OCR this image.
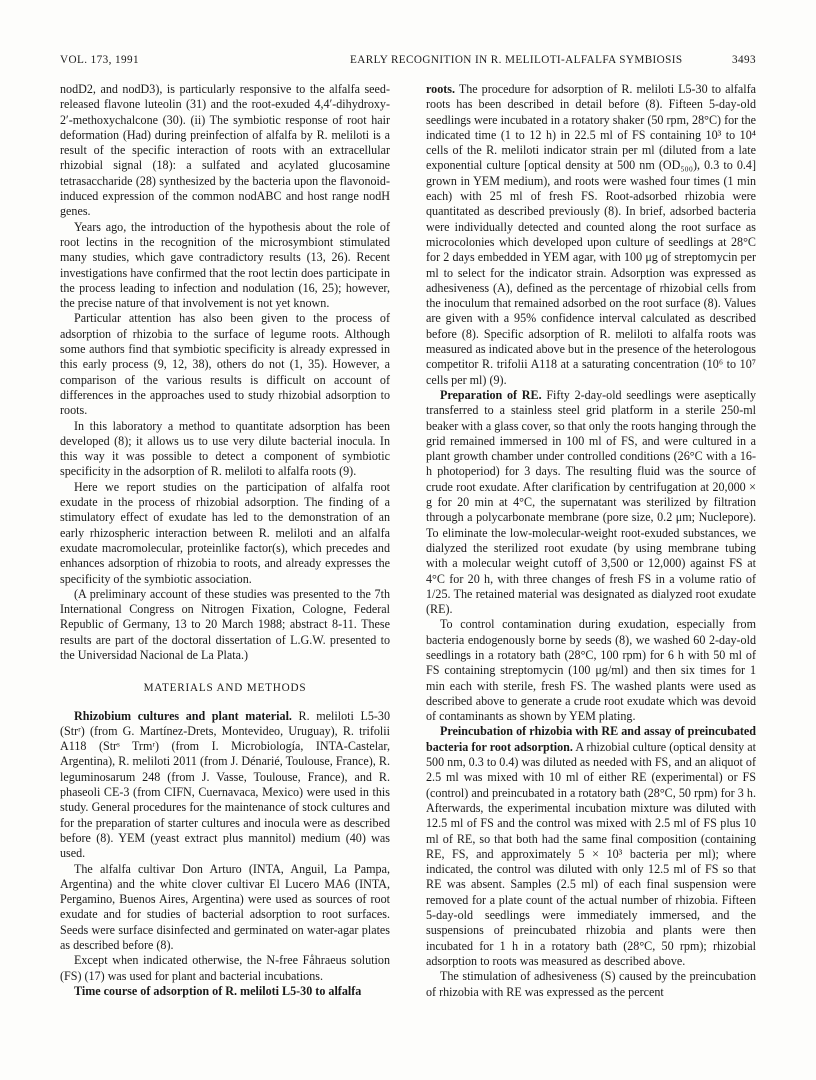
VOL. 173, 1991	EARLY RECOGNITION IN R. MELILOTI-ALFALFA SYMBIOSIS	3493

nodD2, and nodD3), is particularly responsive to the alfalfa seed-released flavone luteolin (31) and the root-exuded 4,4′-dihydroxy-2′-methoxychalcone (30). (ii) The symbiotic response of root hair deformation (Had) during preinfection of alfalfa by R. meliloti is a result of the specific interaction of roots with an extracellular rhizobial signal (18): a sulfated and acylated glucosamine tetrasaccharide (28) synthesized by the bacteria upon the flavonoid-induced expression of the common nodABC and host range nodH genes.

Years ago, the introduction of the hypothesis about the role of root lectins in the recognition of the microsymbiont stimulated many studies, which gave contradictory results (13, 26). Recent investigations have confirmed that the root lectin does participate in the process leading to infection and nodulation (16, 25); however, the precise nature of that involvement is not yet known.

Particular attention has also been given to the process of adsorption of rhizobia to the surface of legume roots. Although some authors find that symbiotic specificity is already expressed in this early process (9, 12, 38), others do not (1, 35). However, a comparison of the various results is difficult on account of differences in the approaches used to study rhizobial adsorption to roots.

In this laboratory a method to quantitate adsorption has been developed (8); it allows us to use very dilute bacterial inocula. In this way it was possible to detect a component of symbiotic specificity in the adsorption of R. meliloti to alfalfa roots (9).

Here we report studies on the participation of alfalfa root exudate in the process of rhizobial adsorption. The finding of a stimulatory effect of exudate has led to the demonstration of an early rhizospheric interaction between R. meliloti and an alfalfa exudate macromolecular, proteinlike factor(s), which precedes and enhances adsorption of rhizobia to roots, and already expresses the specificity of the symbiotic association.

(A preliminary account of these studies was presented to the 7th International Congress on Nitrogen Fixation, Cologne, Federal Republic of Germany, 13 to 20 March 1988; abstract 8-11. These results are part of the doctoral dissertation of L.G.W. presented to the Universidad Nacional de La Plata.)

MATERIALS AND METHODS

Rhizobium cultures and plant material. R. meliloti L5-30 (Strʳ) (from G. Martínez-Drets, Montevideo, Uruguay), R. trifolii A118 (Strˢ Trmʳ) (from I. Microbiología, INTA-Castelar, Argentina), R. meliloti 2011 (from J. Dénarié, Toulouse, France), R. leguminosarum 248 (from J. Vasse, Toulouse, France), and R. phaseoli CE-3 (from CIFN, Cuernavaca, Mexico) were used in this study. General procedures for the maintenance of stock cultures and for the preparation of starter cultures and inocula were as described before (8). YEM (yeast extract plus mannitol) medium (40) was used.

The alfalfa cultivar Don Arturo (INTA, Anguil, La Pampa, Argentina) and the white clover cultivar El Lucero MA6 (INTA, Pergamino, Buenos Aires, Argentina) were used as sources of root exudate and for studies of bacterial adsorption to root surfaces. Seeds were surface disinfected and germinated on water-agar plates as described before (8).

Except when indicated otherwise, the N-free Fåhraeus solution (FS) (17) was used for plant and bacterial incubations.

Time course of adsorption of R. meliloti L5-30 to alfalfa

roots. The procedure for adsorption of R. meliloti L5-30 to alfalfa roots has been described in detail before (8). Fifteen 5-day-old seedlings were incubated in a rotatory shaker (50 rpm, 28°C) for the indicated time (1 to 12 h) in 22.5 ml of FS containing 10³ to 10⁴ cells of the R. meliloti indicator strain per ml (diluted from a late exponential culture [optical density at 500 nm (OD₅₀₀), 0.3 to 0.4] grown in YEM medium), and roots were washed four times (1 min each) with 25 ml of fresh FS. Root-adsorbed rhizobia were quantitated as described previously (8). In brief, adsorbed bacteria were individually detected and counted along the root surface as microcolonies which developed upon culture of seedlings at 28°C for 2 days embedded in YEM agar, with 100 μg of streptomycin per ml to select for the indicator strain. Adsorption was expressed as adhesiveness (A), defined as the percentage of rhizobial cells from the inoculum that remained adsorbed on the root surface (8). Values are given with a 95% confidence interval calculated as described before (8). Specific adsorption of R. meliloti to alfalfa roots was measured as indicated above but in the presence of the heterologous competitor R. trifolii A118 at a saturating concentration (10⁶ to 10⁷ cells per ml) (9).

Preparation of RE. Fifty 2-day-old seedlings were aseptically transferred to a stainless steel grid platform in a sterile 250-ml beaker with a glass cover, so that only the roots hanging through the grid remained immersed in 100 ml of FS, and were cultured in a plant growth chamber under controlled conditions (26°C with a 16-h photoperiod) for 3 days. The resulting fluid was the source of crude root exudate. After clarification by centrifugation at 20,000 × g for 20 min at 4°C, the supernatant was sterilized by filtration through a polycarbonate membrane (pore size, 0.2 μm; Nuclepore). To eliminate the low-molecular-weight root-exuded substances, we dialyzed the sterilized root exudate (by using membrane tubing with a molecular weight cutoff of 3,500 or 12,000) against FS at 4°C for 20 h, with three changes of fresh FS in a volume ratio of 1/25. The retained material was designated as dialyzed root exudate (RE).

To control contamination during exudation, especially from bacteria endogenously borne by seeds (8), we washed 60 2-day-old seedlings in a rotatory bath (28°C, 100 rpm) for 6 h with 50 ml of FS containing streptomycin (100 μg/ml) and then six times for 1 min each with sterile, fresh FS. The washed plants were used as described above to generate a crude root exudate which was devoid of contaminants as shown by YEM plating.

Preincubation of rhizobia with RE and assay of preincubated bacteria for root adsorption. A rhizobial culture (optical density at 500 nm, 0.3 to 0.4) was diluted as needed with FS, and an aliquot of 2.5 ml was mixed with 10 ml of either RE (experimental) or FS (control) and preincubated in a rotatory bath (28°C, 50 rpm) for 3 h. Afterwards, the experimental incubation mixture was diluted with 12.5 ml of FS and the control was mixed with 2.5 ml of FS plus 10 ml of RE, so that both had the same final composition (containing RE, FS, and approximately 5 × 10³ bacteria per ml); where indicated, the control was diluted with only 12.5 ml of FS so that RE was absent. Samples (2.5 ml) of each final suspension were removed for a plate count of the actual number of rhizobia. Fifteen 5-day-old seedlings were immediately immersed, and the suspensions of preincubated rhizobia and plants were then incubated for 1 h in a rotatory bath (28°C, 50 rpm); rhizobial adsorption to roots was measured as described above.

The stimulation of adhesiveness (S) caused by the preincubation of rhizobia with RE was expressed as the percent
